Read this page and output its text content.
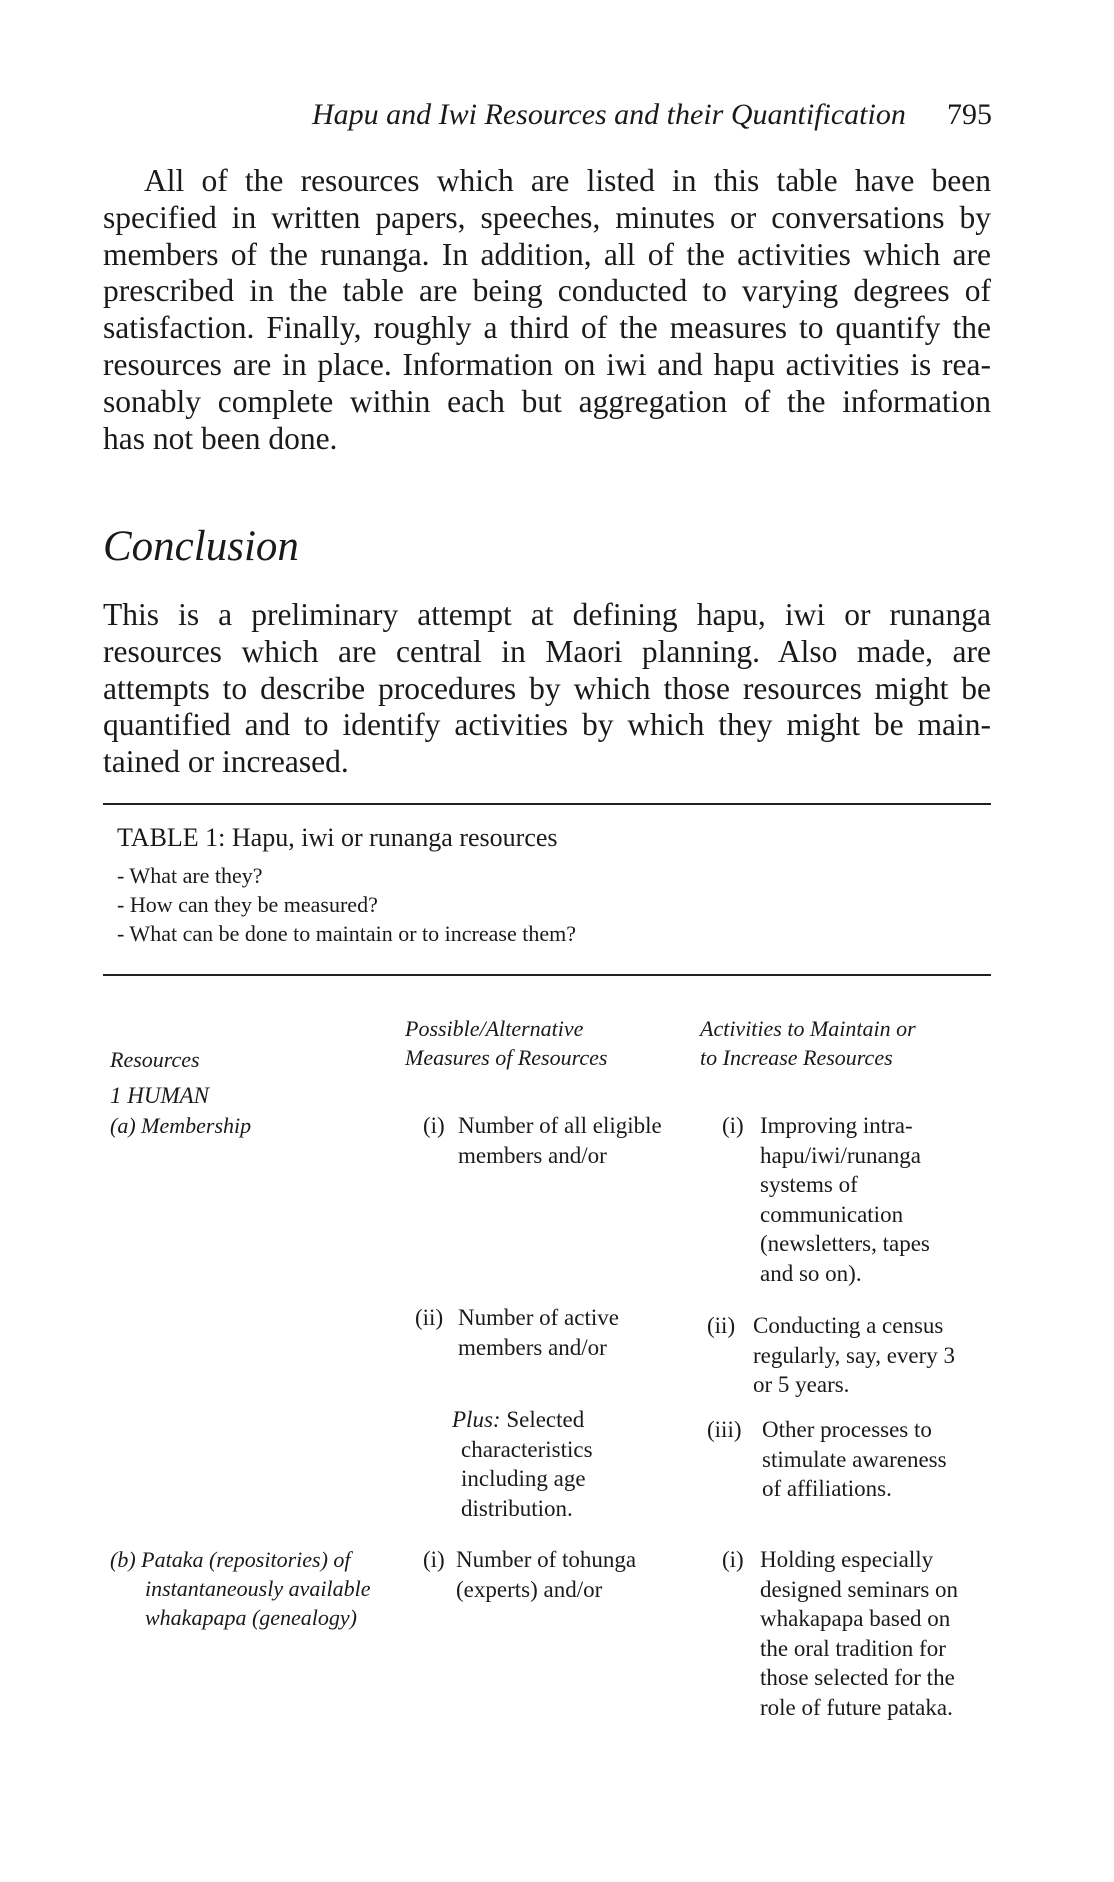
Hapu and Iwi Resources and their Quantification 795
All of the resources which are listed in this table have been
specified in written papers, speeches, minutes or conversations by
members of the runanga. In addition, all of the activities which are
prescribed in the table are being conducted to varying degrees of
satisfaction. Finally, roughly a third of the measures to quantify the
resources are in place. Information on iwi and hapu activities is rea-
sonably complete within each but aggregation of the information
has not been done.
Conclusion
This is a preliminary attempt at defining hapu, iwi or runanga
resources which are central in Maori planning. Also made, are
attempts to describe procedures by which those resources might be
quantified and to identify activities by which they might be main-
tained or increased.
TABLE 1: Hapu, iwi or runanga resources
- What are they?
- How can they be measured?
- What can be done to maintain or to increase them?
Resources
Possible/Alternative
Measures of Resources
Activities to Maintain or
to Increase Resources
1 HUMAN
(a) Membership	(i) Number of all eligible
members and/or
(ii) Number of active
members and/or
Plus: Selected
characteristics
including age
distribution.
(i) Improving intra-
hapu/iwi/runanga
systems of
communication
(newsletters, tapes
and so on).
(ii) Conducting a census
regularly, say, every 3
or 5 years.
(iii) Other processes to
stimulate awareness
of affiliations.
(b) Pataka (repositories) of
instantaneously available
whakapapa (genealogy)
(i) Number of tohunga
(experts) and/or
(i) Holding especially
designed seminars on
whakapapa based on
the oral tradition for
those selected for the
role of future pataka.
